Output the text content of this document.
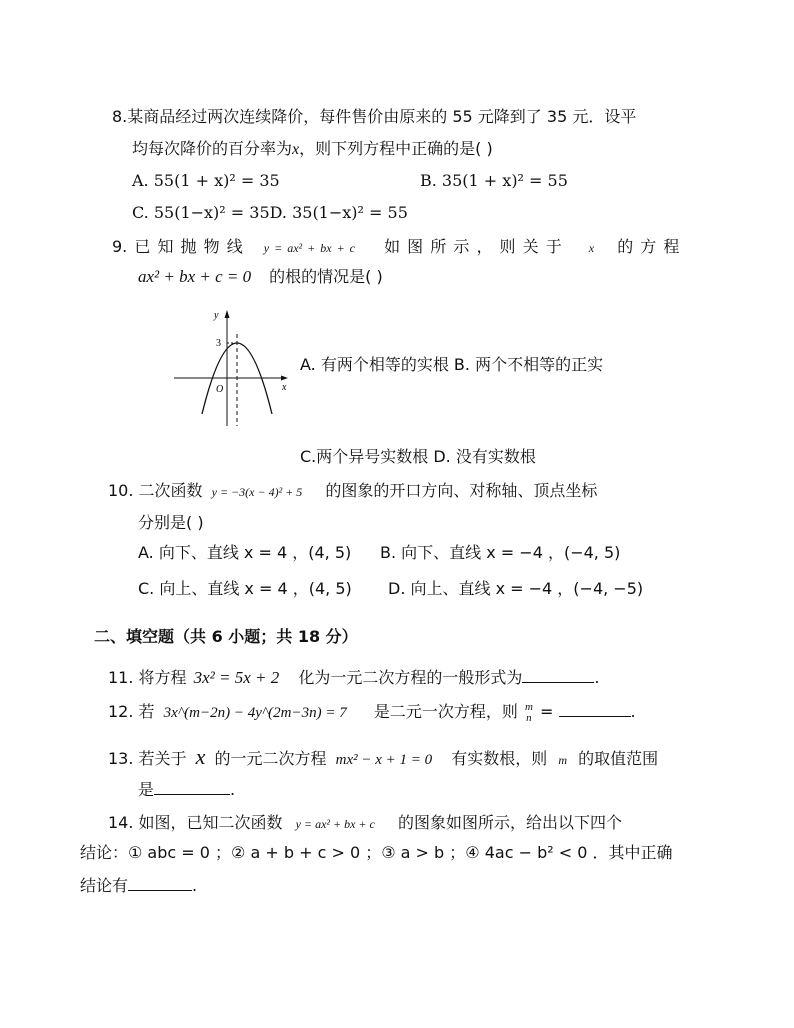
8.某商品经过两次连续降价，每件售价由原来的 55 元降到了 35 元．设平
均每次降价的百分率为x，则下列方程中正确的是( )
A. 55(1 + x)² = 35	B. 35(1 + x)² = 55
C. 55(1−x)² = 35D. 35(1−x)² = 55
9. 已 知 抛 物 线 y = ax² + bx + c 如 图 所 示 ， 则 关 于 x 的 方 程
ax² + bx + c = 0 的根的情况是( )
y
x
O
3
A. 有两个相等的实根 B. 两个不相等的正实
C.两个异号实数根 D. 没有实数根
10. 二次函数 y = −3(x − 4)² + 5 的图象的开口方向、对称轴、顶点坐标
分别是( )
A. 向下、直线 x = 4 ，(4, 5) B. 向下、直线 x = −4 ，(−4, 5)
C. 向上、直线 x = 4 ，(4, 5) D. 向上、直线 x = −4 ，(−4, −5)
二、填空题（共 6 小题；共 18 分）
11. 将方程 3x² = 5x + 2 化为一元二次方程的一般形式为	.
12. 若 3x^(m−2n) − 4y^(2m−3n) = 7 是二元一次方程，则 m
n =	.
13. 若关于 x 的一元二次方程 mx² − x + 1 = 0 有实数根，则 m 的取值范围
是	.
14. 如图，已知二次函数 y = ax² + bx + c 的图象如图所示，给出以下四个
结论：① abc = 0 ；② a + b + c > 0 ；③ a > b ；④ 4ac − b² < 0 ．其中正确
结论有	.
